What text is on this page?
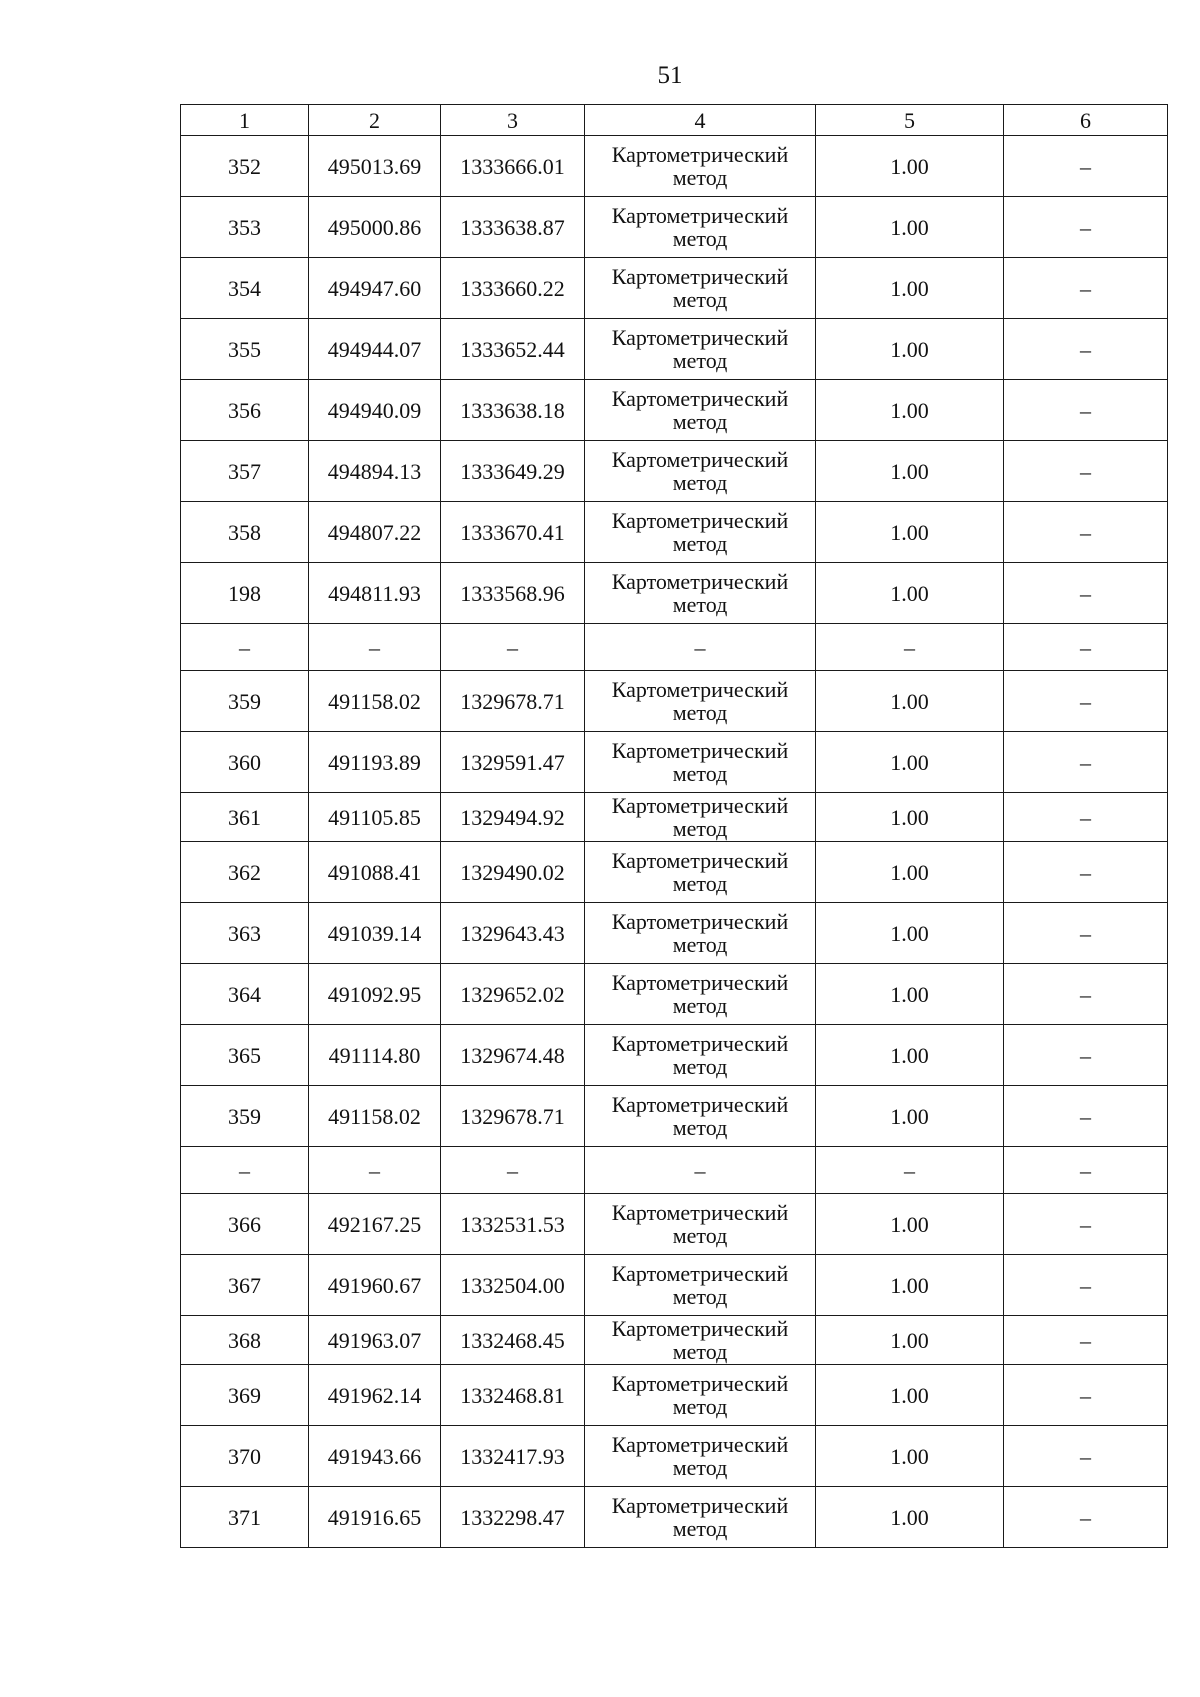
51
1	2	3	4	5	6
352	495013.69	1333666.01	Картометрический метод	1.00	–
353	495000.86	1333638.87	Картометрический метод	1.00	–
354	494947.60	1333660.22	Картометрический метод	1.00	–
355	494944.07	1333652.44	Картометрический метод	1.00	–
356	494940.09	1333638.18	Картометрический метод	1.00	–
357	494894.13	1333649.29	Картометрический метод	1.00	–
358	494807.22	1333670.41	Картометрический метод	1.00	–
198	494811.93	1333568.96	Картометрический метод	1.00	–
–	–	–	–	–	–
359	491158.02	1329678.71	Картометрический метод	1.00	–
360	491193.89	1329591.47	Картометрический метод	1.00	–
361	491105.85	1329494.92	Картометрический метод	1.00	–
362	491088.41	1329490.02	Картометрический метод	1.00	–
363	491039.14	1329643.43	Картометрический метод	1.00	–
364	491092.95	1329652.02	Картометрический метод	1.00	–
365	491114.80	1329674.48	Картометрический метод	1.00	–
359	491158.02	1329678.71	Картометрический метод	1.00	–
–	–	–	–	–	–
366	492167.25	1332531.53	Картометрический метод	1.00	–
367	491960.67	1332504.00	Картометрический метод	1.00	–
368	491963.07	1332468.45	Картометрический метод	1.00	–
369	491962.14	1332468.81	Картометрический метод	1.00	–
370	491943.66	1332417.93	Картометрический метод	1.00	–
371	491916.65	1332298.47	Картометрический метод	1.00	–
